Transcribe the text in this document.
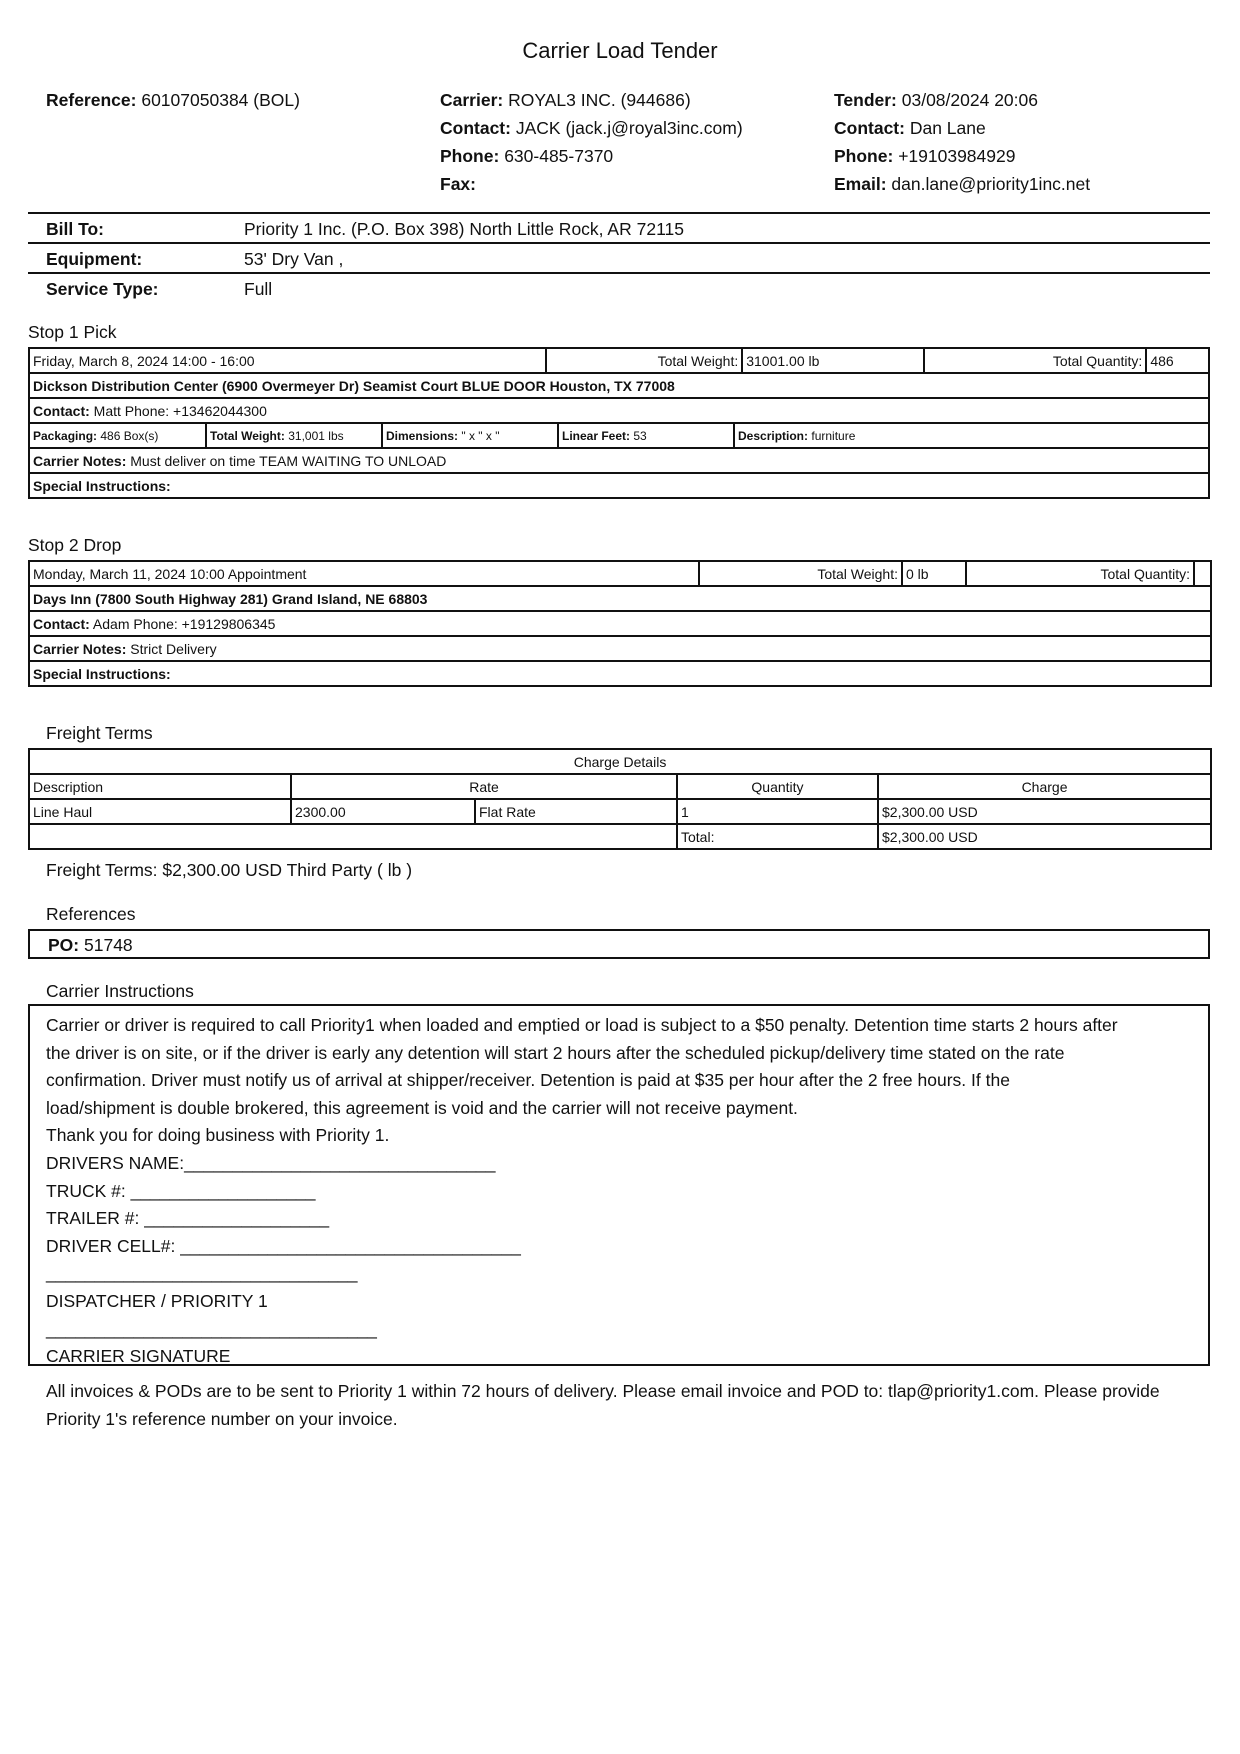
Carrier Load Tender
Reference: 60107050384 (BOL)	Carrier: ROYAL3 INC. (944686)
Contact: JACK (jack.j@royal3inc.com)
Phone: 630-485-7370
Fax:
Tender: 03/08/2024 20:06
Contact: Dan Lane
Phone: +19103984929
Email: dan.lane@priority1inc.net
Bill To:	Priority 1 Inc. (P.O. Box 398) North Little Rock, AR 72115
Equipment:	53' Dry Van ,
Service Type:	Full
Stop 1 Pick
Friday, March 8, 2024 14:00 - 16:00	Total Weight:	31001.00 lb	Total Quantity:	486
Dickson Distribution Center (6900 Overmeyer Dr) Seamist Court BLUE DOOR Houston, TX 77008
Contact: Matt Phone: +13462044300

Packaging: 486 Box(s)	Total Weight: 31,001 lbs	Dimensions: " x " x "	Linear Feet: 53	Description: furniture

Carrier Notes: Must deliver on time TEAM WAITING TO UNLOAD
Special Instructions:
Stop 2 Drop
Monday, March 11, 2024 10:00 Appointment	Total Weight:	0 lb	Total Quantity:	
Days Inn (7800 South Highway 281) Grand Island, NE 68803
Contact: Adam Phone: +19129806345
Carrier Notes: Strict Delivery
Special Instructions:
Freight Terms
Charge Details				
Description	Rate		Quantity	Charge
Line Haul	2300.00	Flat Rate	1	$2,300.00 USD
			Total:	$2,300.00 USD
Freight Terms: $2,300.00 USD Third Party ( lb )
References
PO: 51748
Carrier Instructions
Carrier or driver is required to call Priority1 when loaded and emptied or load is subject to a $50 penalty. Detention time starts 2 hours after
the driver is on site, or if the driver is early any detention will start 2 hours after the scheduled pickup/delivery time stated on the rate
confirmation. Driver must notify us of arrival at shipper/receiver. Detention is paid at $35 per hour after the 2 free hours. If the
load/shipment is double brokered, this agreement is void and the carrier will not receive payment.
Thank you for doing business with Priority 1.
DRIVERS NAME:________________________________
TRUCK #: ___________________
TRAILER #: ___________________
DRIVER CELL#: ___________________________________
________________________________
DISPATCHER / PRIORITY 1
__________________________________
CARRIER SIGNATURE
All invoices & PODs are to be sent to Priority 1 within 72 hours of delivery. Please email invoice and POD to: tlap@priority1.com. Please provide Priority 1's reference number on your invoice.
